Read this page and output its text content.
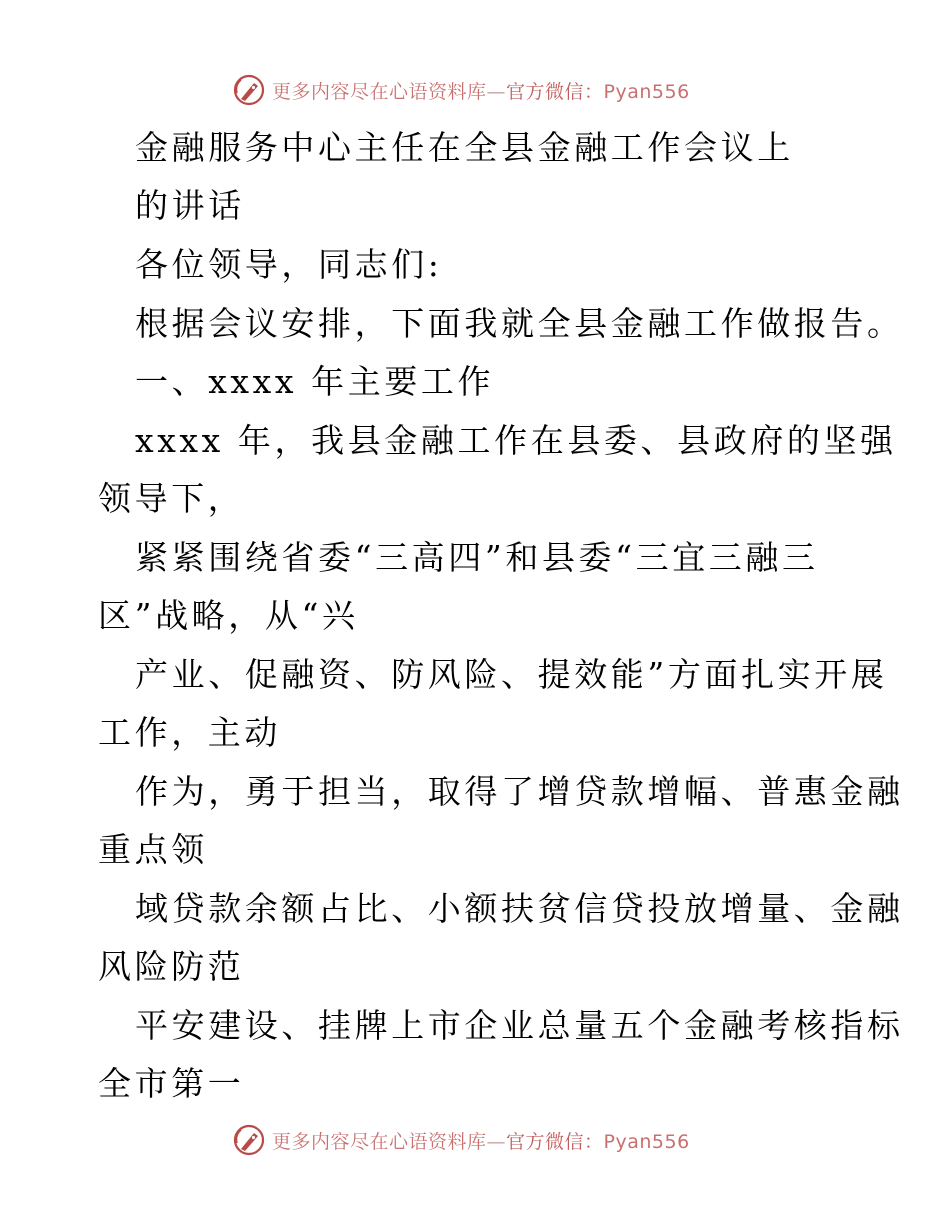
更多内容尽在心语资料库—官方微信：Pyan556
金融服务中心主任在全县金融工作会议上
的讲话
各位领导，同志们:
根据会议安排，下面我就全县金融工作做报告。
一、xxxx 年主要工作
xxxx 年，我县金融工作在县委、县政府的坚强
领导下，
紧紧围绕省委“三高四”和县委“三宜三融三
区”战略，从“兴
产业、促融资、防风险、提效能”方面扎实开展
工作，主动
作为，勇于担当，取得了增贷款增幅、普惠金融
重点领
域贷款余额占比、小额扶贫信贷投放增量、金融
风险防范
平安建设、挂牌上市企业总量五个金融考核指标
全市第一
更多内容尽在心语资料库—官方微信：Pyan556
